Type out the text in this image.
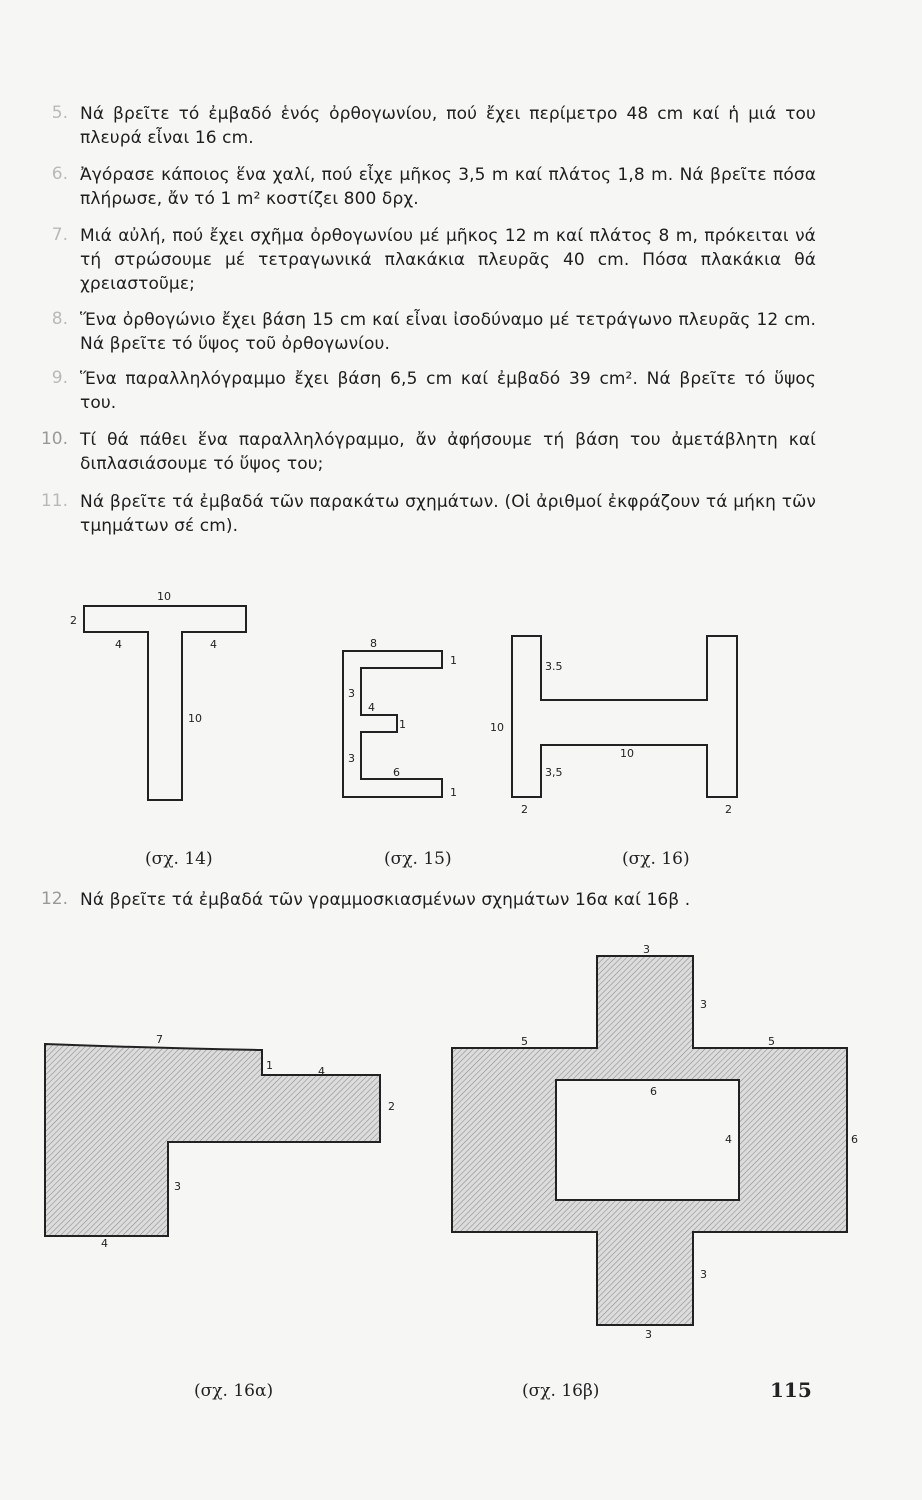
5. Νά βρεῖτε τό ἐμβαδό ἑνός ὀρθογωνίου, πού ἔχει περίμετρο 48 cm καί ἡ μιά του πλευρά εἶναι 16 cm.
6. Ἀγόρασε κάποιος ἕνα χαλί, πού εἶχε μῆκος 3,5 m καί πλάτος 1,8 m. Νά βρεῖτε πόσα πλήρωσε, ἄν τό 1 m² κοστίζει 800 δρχ.
7. Μιά αὐλή, πού ἔχει σχῆμα ὀρθογωνίου μέ μῆκος 12 m καί πλάτος 8 m, πρόκειται νά τή στρώσουμε μέ τετραγωνικά πλακάκια πλευρᾶς 40 cm. Πόσα πλακάκια θά χρειαστοῦμε;
8. Ἕνα ὀρθογώνιο ἔχει βάση 15 cm καί εἶναι ἰσοδύναμο μέ τετράγωνο πλευρᾶς 12 cm. Νά βρεῖτε τό ὕψος τοῦ ὀρθογωνίου.
9. Ἕνα παραλληλόγραμμο ἔχει βάση 6,5 cm καί ἐμβαδό 39 cm². Νά βρεῖτε τό ὕψος του.
10. Τί θά πάθει ἕνα παραλληλόγραμμο, ἄν ἀφήσουμε τή βάση του ἀμετάβλητη καί διπλασιάσουμε τό ὕψος του;
11. Νά βρεῖτε τά ἐμβαδά τῶν παρακάτω σχημάτων. (Οἱ ἀριθμοί ἐκφράζουν τά μήκη τῶν τμημάτων σέ cm).
12. Νά βρεῖτε τά ἐμβαδά τῶν γραμμοσκιασμένων σχημάτων 16α καί 16β .
10
2
4	4
10
8
1
3
4
1
3
6
1
3.5
10
10
3,5
2	2
7
1	4
2
3
4
3
3
5	5
6
4	6
3
3
(σχ. 14)	(σχ. 15)	(σχ. 16)
(σχ. 16α)	(σχ. 16β)	115
